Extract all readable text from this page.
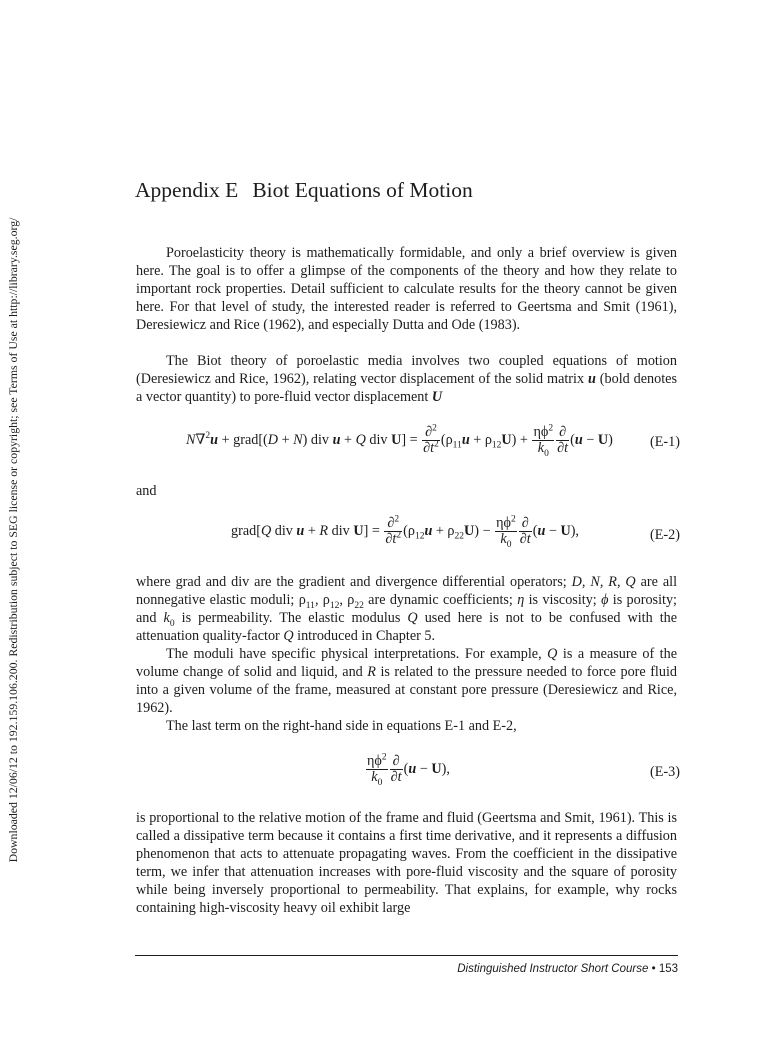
Downloaded 12/06/12 to 192.159.106.200. Redistribution subject to SEG license or copyright; see Terms of Use at http://library.seg.org/
Appendix E Biot Equations of Motion

Poroelasticity theory is mathematically formidable, and only a brief overview is given here. The goal is to offer a glimpse of the components of the theory and how they relate to important rock properties. Detail sufficient to calculate results for the theory cannot be given here. For that level of study, the interested reader is referred to Geertsma and Smit (1961), Deresiewicz and Rice (1962), and especially Dutta and Ode (1983).

The Biot theory of poroelastic media involves two coupled equations of motion (Deresiewicz and Rice, 1962), relating vector displacement of the solid matrix u (bold denotes a vector quantity) to pore-fluid vector displacement U

N∇$^2$u + grad[(D + N) div u + Q div $U] = \frac{\partial^2}{\partial t^2} (\rho_{11}u + \rho_{12}U) + \frac{\eta\phi^2}{k_0} \frac{\partial}{\partial t} (u - U)$	(E-1)

and

grad[Q div u + R div $U] = \frac{\partial^2}{\partial t^2} (\rho_{12}u + \rho_{22}U) - \frac{\eta\phi^2}{k_0} \frac{\partial}{\partial t} (u - U)$,	(E-2)

where grad and div are the gradient and divergence differential operators; D, N, R, Q are all nonnegative elastic moduli; $\rho_{11}$, $\rho_{12}$, $\rho_{22}$ are dynamic coefficients; η is viscosity; ϕ is porosity; and $k_0$ is permeability. The elastic modulus Q used here is not to be confused with the attenuation quality-factor Q introduced in Chapter 5.

The moduli have specific physical interpretations. For example, Q is a measure of the volume change of solid and liquid, and R is related to the pressure needed to force pore fluid into a given volume of the frame, measured at constant pore pressure (Deresiewicz and Rice, 1962).

The last term on the right-hand side in equations E-1 and E-2,

$\frac{\eta\phi^2}{k_0} \frac{\partial}{\partial t} (u - U)$,	(E-3)

is proportional to the relative motion of the frame and fluid (Geertsma and Smit, 1961). This is called a dissipative term because it contains a first time derivative, and it represents a diffusion phenomenon that acts to attenuate propagating waves. From the coefficient in the dissipative term, we infer that attenuation increases with pore-fluid viscosity and the square of porosity while being inversely proportional to permeability. That explains, for example, why rocks containing high-viscosity heavy oil exhibit large

Distinguished Instructor Short Course • 153
